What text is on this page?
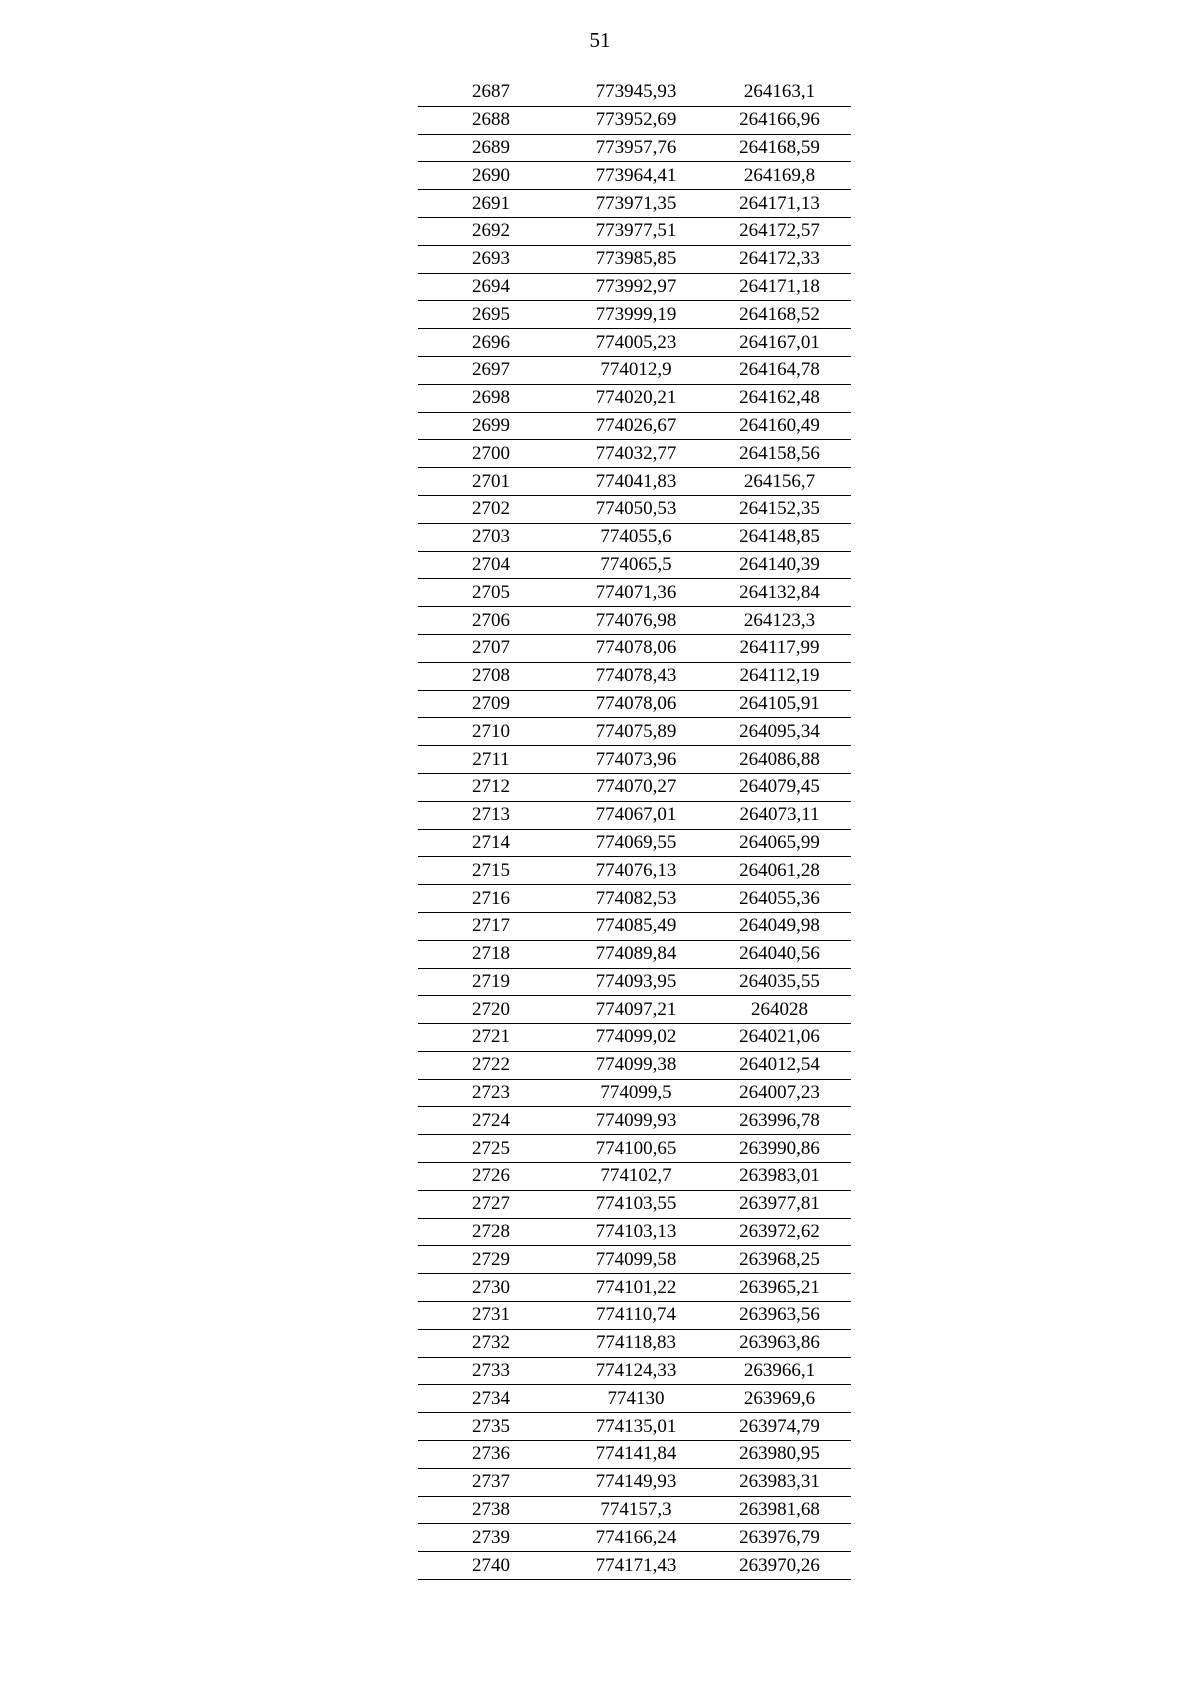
51
2687	773945,93	264163,1
2688	773952,69	264166,96
2689	773957,76	264168,59
2690	773964,41	264169,8
2691	773971,35	264171,13
2692	773977,51	264172,57
2693	773985,85	264172,33
2694	773992,97	264171,18
2695	773999,19	264168,52
2696	774005,23	264167,01
2697	774012,9	264164,78
2698	774020,21	264162,48
2699	774026,67	264160,49
2700	774032,77	264158,56
2701	774041,83	264156,7
2702	774050,53	264152,35
2703	774055,6	264148,85
2704	774065,5	264140,39
2705	774071,36	264132,84
2706	774076,98	264123,3
2707	774078,06	264117,99
2708	774078,43	264112,19
2709	774078,06	264105,91
2710	774075,89	264095,34
2711	774073,96	264086,88
2712	774070,27	264079,45
2713	774067,01	264073,11
2714	774069,55	264065,99
2715	774076,13	264061,28
2716	774082,53	264055,36
2717	774085,49	264049,98
2718	774089,84	264040,56
2719	774093,95	264035,55
2720	774097,21	264028
2721	774099,02	264021,06
2722	774099,38	264012,54
2723	774099,5	264007,23
2724	774099,93	263996,78
2725	774100,65	263990,86
2726	774102,7	263983,01
2727	774103,55	263977,81
2728	774103,13	263972,62
2729	774099,58	263968,25
2730	774101,22	263965,21
2731	774110,74	263963,56
2732	774118,83	263963,86
2733	774124,33	263966,1
2734	774130	263969,6
2735	774135,01	263974,79
2736	774141,84	263980,95
2737	774149,93	263983,31
2738	774157,3	263981,68
2739	774166,24	263976,79
2740	774171,43	263970,26
